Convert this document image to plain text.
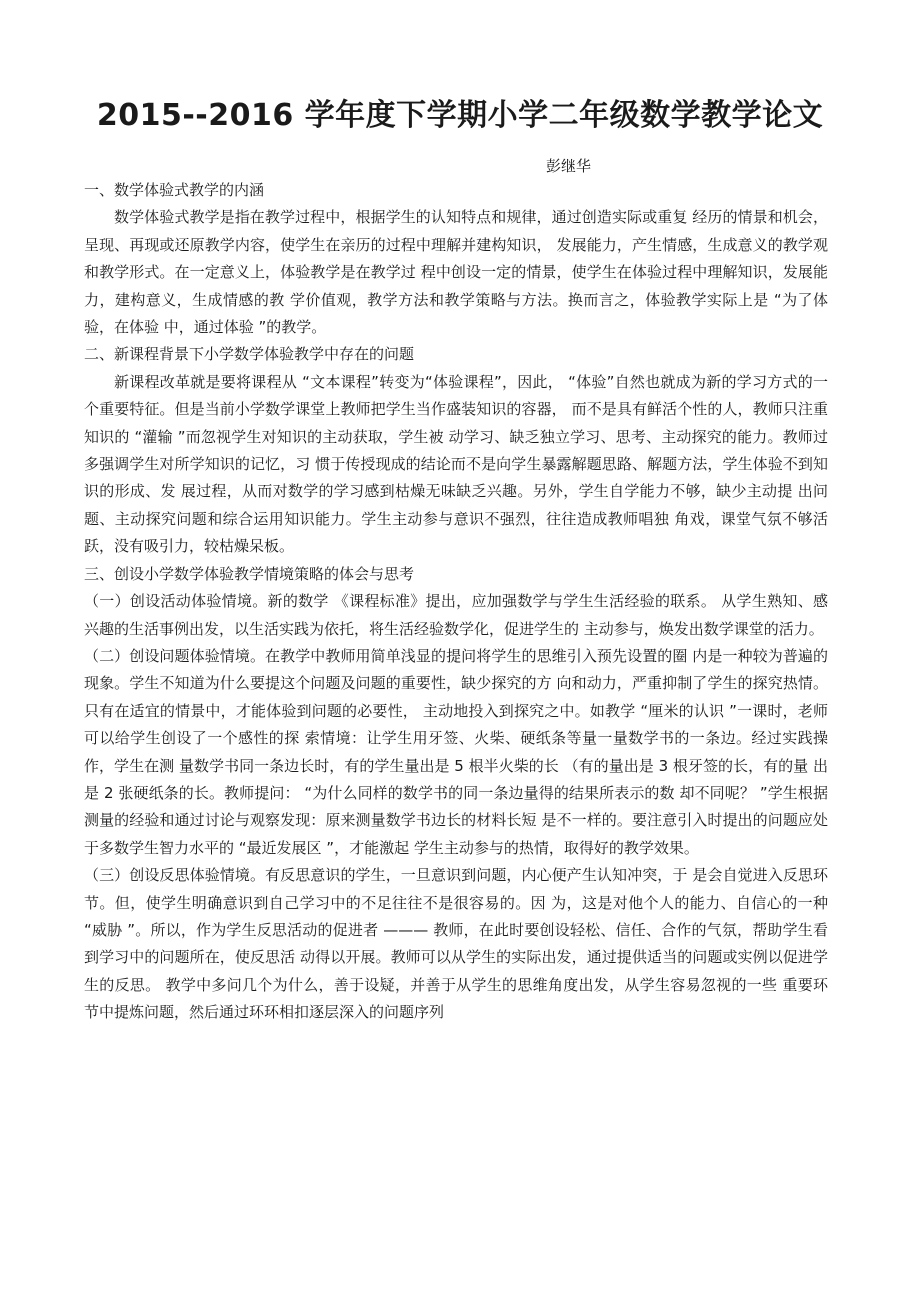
2015--2016 学年度下学期小学二年级数学教学论文
彭继华

一、数学体验式教学的内涵

数学体验式教学是指在教学过程中，根据学生的认知特点和规律，通过创造实际或重复 经历的情景和机会，呈现、再现或还原教学内容，使学生在亲历的过程中理解并建构知识， 发展能力，产生情感，生成意义的教学观和教学形式。在一定意义上，体验教学是在教学过 程中创设一定的情景，使学生在体验过程中理解知识，发展能力，建构意义，生成情感的教 学价值观，教学方法和教学策略与方法。换而言之，体验教学实际上是 “为了体验，在体验 中，通过体验 ”的教学。

二、新课程背景下小学数学体验教学中存在的问题

新课程改革就是要将课程从 “文本课程”转变为“体验课程”，因此， “体验”自然也就成为新的学习方式的一个重要特征。但是当前小学数学课堂上教师把学生当作盛装知识的容器， 而不是具有鲜活个性的人，教师只注重知识的 “灌输 ”而忽视学生对知识的主动获取，学生被 动学习、缺乏独立学习、思考、主动探究的能力。教师过多强调学生对所学知识的记忆，习 惯于传授现成的结论而不是向学生暴露解题思路、解题方法，学生体验不到知识的形成、发 展过程，从而对数学的学习感到枯燥无味缺乏兴趣。另外，学生自学能力不够，缺少主动提 出问题、主动探究问题和综合运用知识能力。学生主动参与意识不强烈，往往造成教师唱独 角戏，课堂气氛不够活跃，没有吸引力，较枯燥呆板。

三、创设小学数学体验教学情境策略的体会与思考

（一）创设活动体验情境。新的数学 《课程标准》提出，应加强数学与学生生活经验的联系。 从学生熟知、感兴趣的生活事例出发，以生活实践为依托，将生活经验数学化，促进学生的 主动参与，焕发出数学课堂的活力。

（二）创设问题体验情境。在教学中教师用简单浅显的提问将学生的思维引入预先设置的圈 内是一种较为普遍的现象。学生不知道为什么要提这个问题及问题的重要性，缺少探究的方 向和动力，严重抑制了学生的探究热情。只有在适宜的情景中，才能体验到问题的必要性， 主动地投入到探究之中。如教学 “厘米的认识 ”一课时，老师可以给学生创设了一个感性的探 索情境：让学生用牙签、火柴、硬纸条等量一量数学书的一条边。经过实践操作，学生在测 量数学书同一条边长时，有的学生量出是 5 根半火柴的长 （有的量出是 3 根牙签的长，有的量 出是 2 张硬纸条的长。教师提问： “为什么同样的数学书的同一条边量得的结果所表示的数 却不同呢？ ”学生根据测量的经验和通过讨论与观察发现：原来测量数学书边长的材料长短 是不一样的。要注意引入时提出的问题应处于多数学生智力水平的 “最近发展区 ”，才能激起 学生主动参与的热情，取得好的教学效果。

（三）创设反思体验情境。有反思意识的学生，一旦意识到问题，内心便产生认知冲突，于 是会自觉进入反思环节。但，使学生明确意识到自己学习中的不足往往不是很容易的。因 为，这是对他个人的能力、自信心的一种 “威胁 ”。所以，作为学生反思活动的促进者 ——— 教师，在此时要创设轻松、信任、合作的气氛，帮助学生看到学习中的问题所在，使反思活 动得以开展。教师可以从学生的实际出发，通过提供适当的问题或实例以促进学生的反思。 教学中多问几个为什么，善于设疑，并善于从学生的思维角度出发，从学生容易忽视的一些 重要环节中提炼问题，然后通过环环相扣逐层深入的问题序列
